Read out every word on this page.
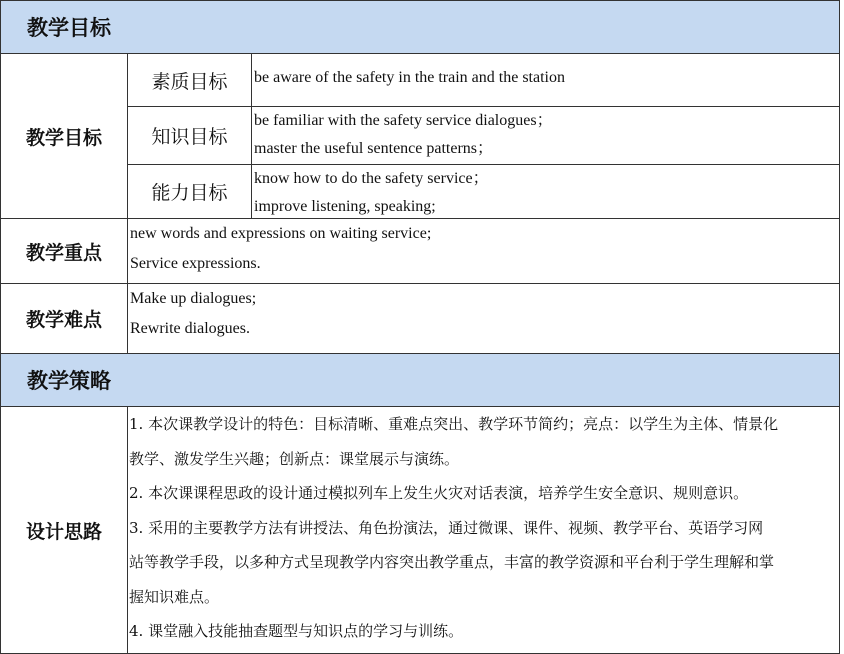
教学目标
教学目标
素质目标 be aware of the safety in the train and the station
知识目标
be familiar with the safety service dialogues；
master the useful sentence patterns；
能力目标
know how to do the safety service；
improve listening, speaking;
教学重点
new words and expressions on waiting service;
Service expressions.
教学难点
Make up dialogues;
Rewrite dialogues.
教学策略
设计思路
1. 本次课教学设计的特色：目标清晰、重难点突出、教学环节简约；亮点：以学生为主体、情景化
教学、激发学生兴趣；创新点：课堂展示与演练。
2. 本次课课程思政的设计通过模拟列车上发生火灾对话表演，培养学生安全意识、规则意识。
3. 采用的主要教学方法有讲授法、角色扮演法，通过微课、课件、视频、教学平台、英语学习网
站等教学手段，以多种方式呈现教学内容突出教学重点，丰富的教学资源和平台利于学生理解和掌
握知识难点。
4. 课堂融入技能抽查题型与知识点的学习与训练。
